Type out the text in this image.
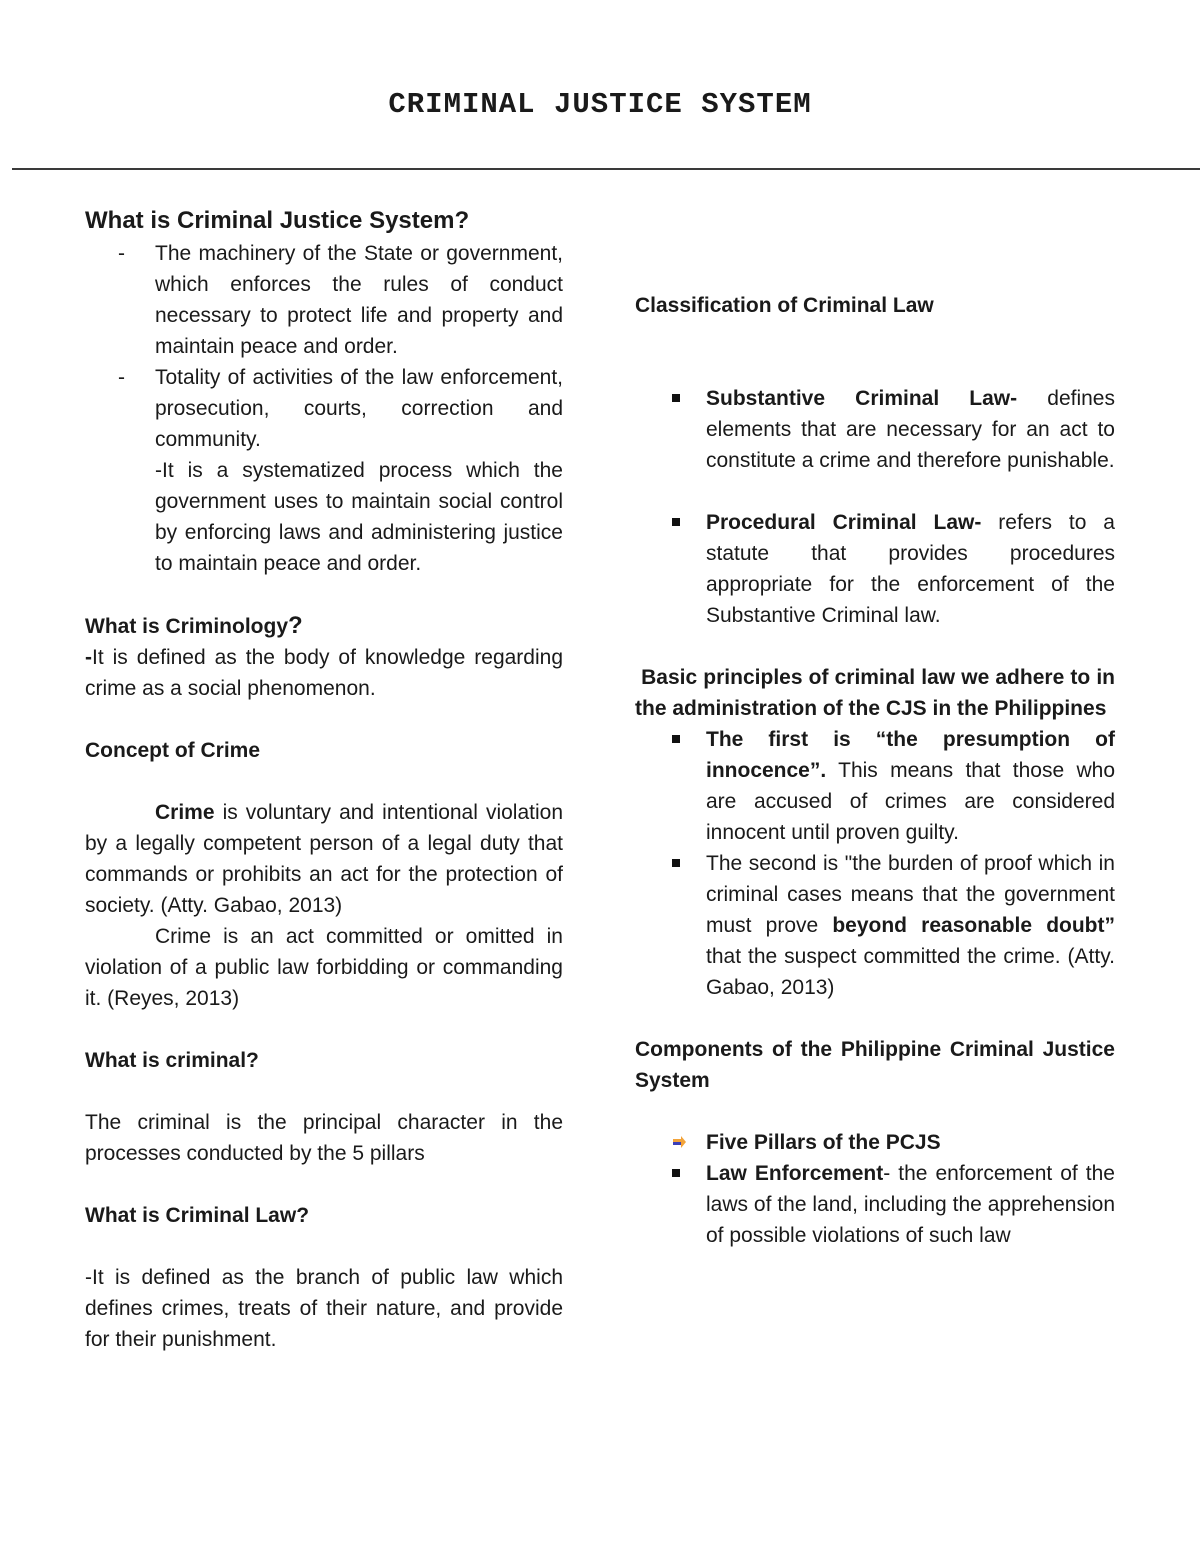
CRIMINAL JUSTICE SYSTEM

What is Criminal Justice System?

- The machinery of the State or government, which enforces the rules of conduct necessary to protect life and property and maintain peace and order.
- Totality of activities of the law enforcement, prosecution, courts, correction and community.

-It is a systematized process which the government uses to maintain social control by enforcing laws and administering justice to maintain peace and order.

What is Criminology?

-It is defined as the body of knowledge regarding crime as a social phenomenon.

Concept of Crime

Crime is voluntary and intentional violation by a legally competent person of a legal duty that commands or prohibits an act for the protection of society. (Atty. Gabao, 2013)

Crime is an act committed or omitted in violation of a public law forbidding or commanding it. (Reyes, 2013)

What is criminal?

The criminal is the principal character in the processes conducted by the 5 pillars

What is Criminal Law?

-It is defined as the branch of public law which defines crimes, treats of their nature, and provide for their punishment.

Classification of Criminal Law

Substantive Criminal Law- defines elements that are necessary for an act to constitute a crime and therefore punishable.
Procedural Criminal Law- refers to a statute that provides procedures appropriate for the enforcement of the Substantive Criminal law.

Basic principles of criminal law we adhere to in the administration of the CJS in the Philippines

The first is “the presumption of innocence”. This means that those who are accused of crimes are considered innocent until proven guilty.
The second is "the burden of proof which in criminal cases means that the government must prove beyond reasonable doubt” that the suspect committed the crime. (Atty. Gabao, 2013)

Components of the Philippine Criminal Justice System

Five Pillars of the PCJS
Law Enforcement- the enforcement of the laws of the land, including the apprehension of possible violations of such law
